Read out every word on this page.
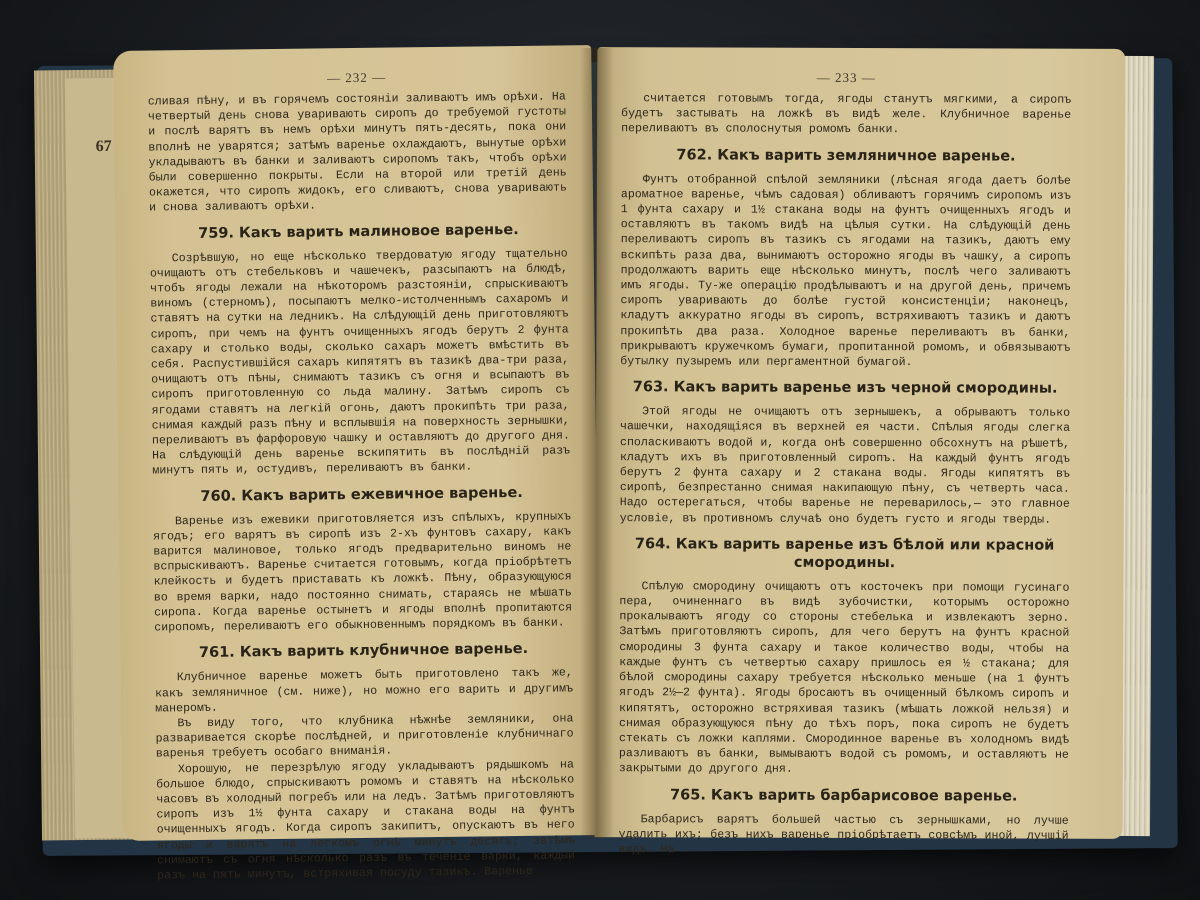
67
— 232 —

сливая пѣну, и въ горячемъ состояніи заливаютъ имъ орѣхи. На четвертый день снова уваривають сиропъ до требуемой густоты и послѣ варятъ въ немъ орѣхи минутъ пять-десять, пока они вполнѣ не уварятся; затѣмъ варенье охлаждаютъ, вынутые орѣхи укладываютъ въ банки и заливаютъ сиропомъ такъ, чтобъ орѣхи были совершенно покрыты. Если на второй или третій день окажется, что сиропъ жидокъ, его сливаютъ, снова уваривають и снова заливаютъ орѣхи.

759. Какъ варить малиновое варенье.

Созрѣвшую, но еще нѣсколько твердоватую ягоду тщательно очищаютъ отъ стебельковъ и чашечекъ, разсыпаютъ на блюдѣ, чтобъ ягоды лежали на нѣкоторомъ разстояніи, спрыскиваютъ виномъ (стерномъ), посыпаютъ мелко-истолченнымъ сахаромъ и ставятъ на сутки на ледникъ. На слѣдующій день приготовляютъ сиропъ, при чемъ на фунтъ очищенныхъ ягодъ берутъ 2 фунта сахару и столько воды, сколько сахаръ можетъ вмѣстить въ себя. Распустившійся сахаръ кипятятъ въ тазикѣ два-три раза, очищаютъ отъ пѣны, снимаютъ тазикъ съ огня и всыпаютъ въ сиропъ приготовленную со льда малину. Затѣмъ сиропъ съ ягодами ставятъ на легкій огонь, даютъ прокипѣть три раза, снимая каждый разъ пѣну и всплывшія на поверхность зернышки, переливаютъ въ фарфоровую чашку и оставляютъ до другого дня. На слѣдующій день варенье вскипятить въ послѣдній разъ минутъ пять и, остудивъ, переливаютъ въ банки.

760. Какъ варить ежевичное варенье.

Варенье изъ ежевики приготовляется изъ спѣлыхъ, крупныхъ ягодъ; его варятъ въ сиропѣ изъ 2-хъ фунтовъ сахару, какъ варится малиновое, только ягодъ предварительно виномъ не вспрыскиваютъ. Варенье считается готовымъ, когда пріобрѣтетъ клейкость и будетъ приставать къ ложкѣ. Пѣну, образующуюся во время варки, надо постоянно снимать, стараясь не мѣшать сиропа. Когда варенье остынетъ и ягоды вполнѣ пропитаются сиропомъ, переливаютъ его обыкновеннымъ порядкомъ въ банки.

761. Какъ варить клубничное варенье.

Клубничное варенье можетъ быть приготовлено такъ же, какъ земляничное (см. ниже), но можно его варить и другимъ манеромъ.

Въ виду того, что клубника нѣжнѣе земляники, она разваривается скорѣе послѣдней, и приготовленіе клубничнаго варенья требуетъ особаго вниманія.

Хорошую, не перезрѣлую ягоду укладываютъ рядышкомъ на большое блюдо, спрыскиваютъ ромомъ и ставятъ на нѣсколько часовъ въ холодный погребъ или на ледъ. Затѣмъ приготовляютъ сиропъ изъ 1½ фунта сахару и стакана воды на фунтъ очищенныхъ ягодъ. Когда сиропъ закипитъ, опускаютъ въ него ягоды и варятъ на легкомъ огнѣ минутъ десять; затѣмъ снимаютъ съ огня нѣсколько разъ въ теченіе варки, каждый разъ на пять минутъ, встряхивая посуду тазикъ. Варенье

— 233 —

считается готовымъ тогда, ягоды станутъ мягкими, а сиропъ будетъ застывать на ложкѣ въ видѣ желе. Клубничное варенье переливаютъ въ сполоснутыя ромомъ банки.

762. Какъ варить земляничное варенье.

Фунтъ отобранной спѣлой земляники (лѣсная ягода даетъ болѣе ароматное варенье, чѣмъ садовая) обливаютъ горячимъ сиропомъ изъ 1 фунта сахару и 1½ стакана воды на фунтъ очищенныхъ ягодъ и оставляютъ въ такомъ видѣ на цѣлыя сутки. На слѣдующій день переливаютъ сиропъ въ тазикъ съ ягодами на тазикъ, даютъ ему вскипѣть раза два, вынимаютъ осторожно ягоды въ чашку, а сиропъ продолжаютъ варить еще нѣсколько минутъ, послѣ чего заливаютъ имъ ягоды. Ту-же операцію продѣлываютъ и на другой день, причемъ сиропъ уваривають до болѣе густой консистенціи; наконецъ, кладутъ аккуратно ягоды въ сиропъ, встряхиваютъ тазикъ и даютъ прокипѣть два раза. Холодное варенье переливаютъ въ банки, прикрываютъ кружечкомъ бумаги, пропитанной ромомъ, и обвязываютъ бутылку пузыремъ или пергаментной бумагой.

763. Какъ варить варенье изъ черной смородины.

Этой ягоды не очищаютъ отъ зернышекъ, а обрываютъ только чашечки, находящіяся въ верхней ея части. Спѣлыя ягоды слегка споласкиваютъ водой и, когда онѣ совершенно обсохнутъ на рѣшетѣ, кладутъ ихъ въ приготовленный сиропъ. На каждый фунтъ ягодъ берутъ 2 фунта сахару и 2 стакана воды. Ягоды кипятятъ въ сиропѣ, безпрестанно снимая накипающую пѣну, съ четверть часа. Надо остерегаться, чтобы варенье не переварилось,— это главное условіе, въ противномъ случаѣ оно будетъ густо и ягоды тверды.

764. Какъ варить варенье изъ бѣлой или красной смородины.

Спѣлую смородину очищаютъ отъ косточекъ при помощи гусинаго пера, очиненнаго въ видѣ зубочистки, которымъ осторожно прокалываютъ ягоду со стороны стебелька и извлекаютъ зерно. Затѣмъ приготовляютъ сиропъ, для чего берутъ на фунтъ красной смородины 3 фунта сахару и такое количество воды, чтобы на каждые фунтъ съ четвертью сахару пришлось ея ½ стакана; для бѣлой смородины сахару требуется нѣсколько меньше (на 1 фунтъ ягодъ 2½—2 фунта). Ягоды бросаютъ въ очищенный бѣлкомъ сиропъ и кипятятъ, осторожно встряхивая тазикъ (мѣшать ложкой нельзя) и снимая образующуюся пѣну до тѣхъ поръ, пока сиропъ не будетъ стекать съ ложки каплями. Смородинное варенье въ холодномъ видѣ разливаютъ въ банки, вымываютъ водой съ ромомъ, и оставляютъ не закрытыми до другого дня.

765. Какъ варить барбарисовое варенье.

Барбарисъ варятъ большей частью съ зернышками, но лучше удалить ихъ; безъ нихъ варенье пріобрѣтаетъ совсѣмъ иной, лучшій видъ. На
